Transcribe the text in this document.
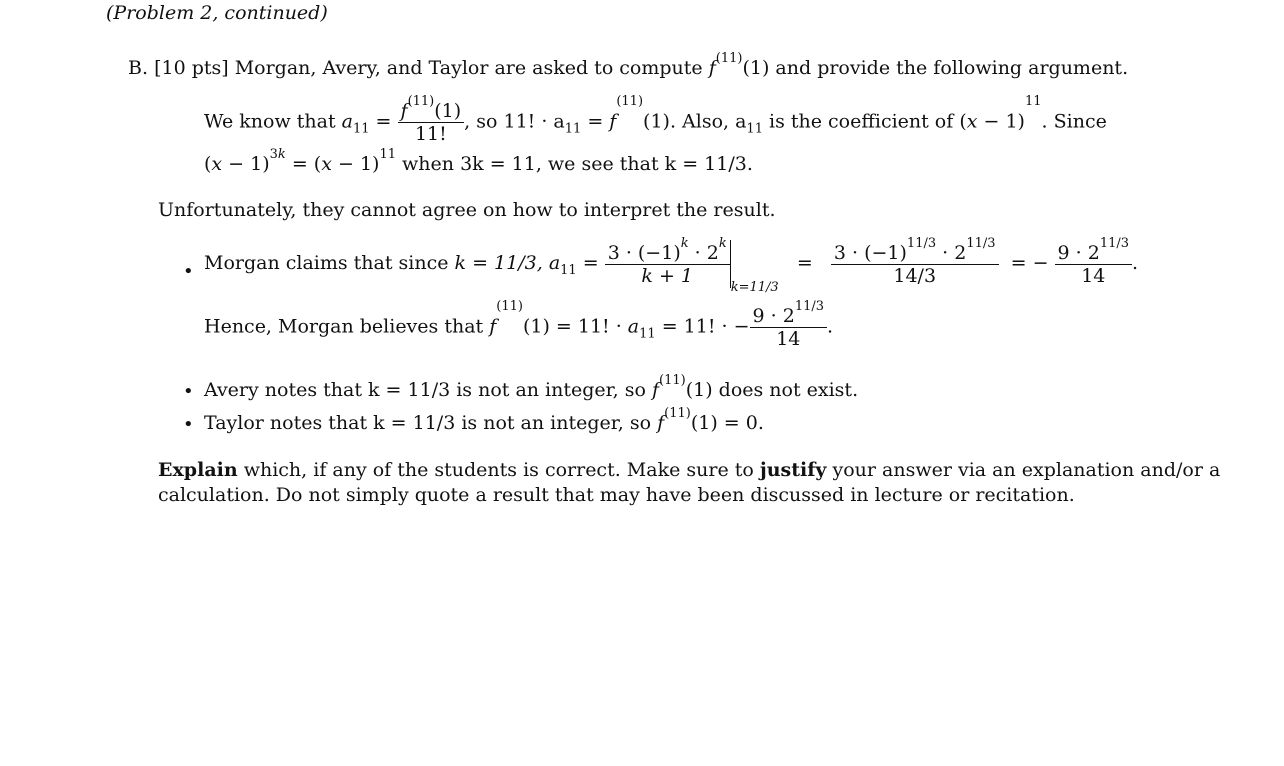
(Problem 2, continued)
B. [10 pts] Morgan, Avery, and Taylor are asked to compute $f^{(11)}(1)$ and provide the following argument.
We know that $a_{11} = \frac{f^{(11)}(1)}{11!}$ , so 11! · $a_{11} = f^{(11)}(1)$. Also, $a_{11}$ is the coefficient of $(x - 1)^{11}$. Since
$(x - 1)^{3k} = (x - 1)^{11}$ when 3k = 11, we see that k = 11/3.
Unfortunately, they cannot agree on how to interpret the result.
• Morgan claims that since k = 11/3, $a_{11} = \frac{3 \cdot (-1)^k \cdot 2^k}{k + 1}$
$_{k=11/3} = \frac{3 \cdot (-1)^{11/3} \cdot 2^{11/3}}{14/3}$ = − $\frac{9 \cdot 2^{11/3}}{14}$ .
Hence, Morgan believes that $f^{(11)}(1) = 11$! · $a_{11} = 11$! · − $\frac{9 \cdot 2^{11/3}}{14}$ .
• Avery notes that k = 11/3 is not an integer, so $f^{(11)}(1)$ does not exist.
• Taylor notes that k = 11/3 is not an integer, so $f^{(11)}(1) = 0$.
Explain which, if any of the students is correct. Make sure to justify your answer via an explanation and/or a
calculation. Do not simply quote a result that may have been discussed in lecture or recitation.
